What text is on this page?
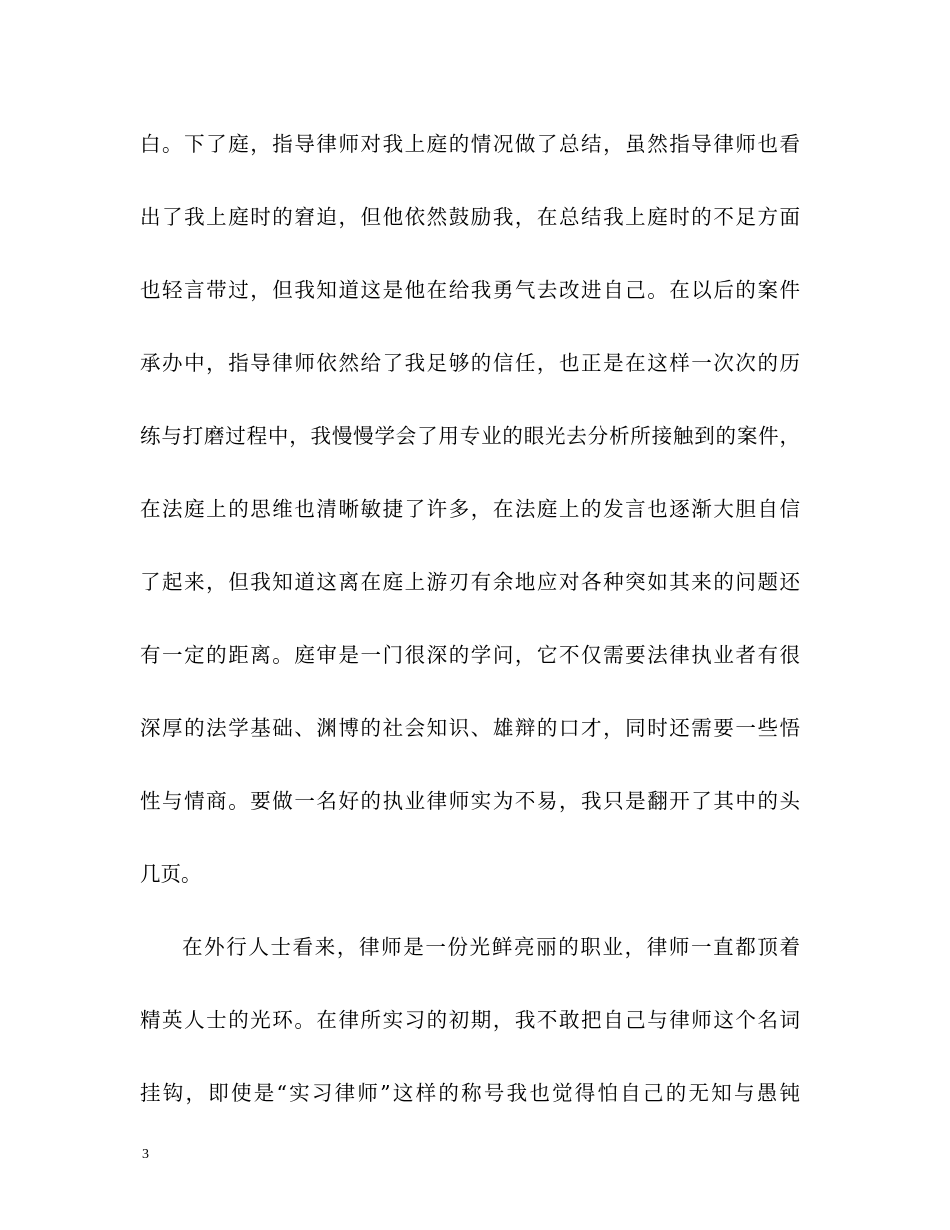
白。下了庭，指导律师对我上庭的情况做了总结，虽然指导律师也看
出了我上庭时的窘迫，但他依然鼓励我，在总结我上庭时的不足方面
也轻言带过，但我知道这是他在给我勇气去改进自己。在以后的案件
承办中，指导律师依然给了我足够的信任，也正是在这样一次次的历
练与打磨过程中，我慢慢学会了用专业的眼光去分析所接触到的案件，
在法庭上的思维也清晰敏捷了许多，在法庭上的发言也逐渐大胆自信
了起来，但我知道这离在庭上游刃有余地应对各种突如其来的问题还
有一定的距离。庭审是一门很深的学问，它不仅需要法律执业者有很
深厚的法学基础、渊博的社会知识、雄辩的口才，同时还需要一些悟
性与情商。要做一名好的执业律师实为不易，我只是翻开了其中的头
几页。
在外行人士看来，律师是一份光鲜亮丽的职业，律师一直都顶着
精英人士的光环。在律所实习的初期，我不敢把自己与律师这个名词
挂钩，即使是“实习律师”这样的称号我也觉得怕自己的无知与愚钝
3
